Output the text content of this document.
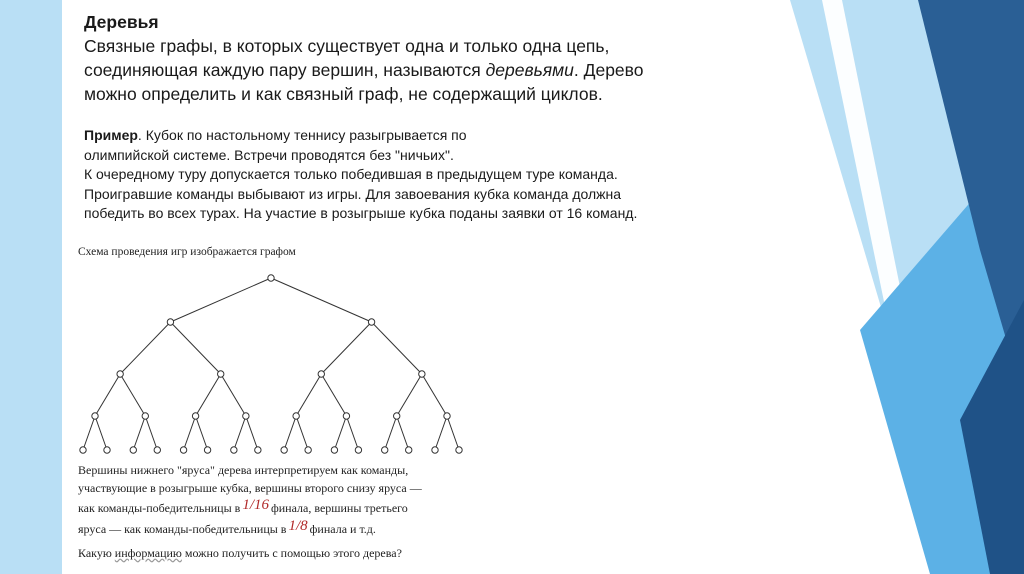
Деревья
Связные графы, в которых существует одна и только одна цепь,
соединяющая каждую пару вершин, называются деревьями. Дерево
можно определить и как связный граф, не содержащий циклов.
Пример. Кубок по настольному теннису разыгрывается по
олимпийской системе. Встречи проводятся без "ничьих".
К очередному туру допускается только победившая в предыдущем туре команда.
Проигравшие команды выбывают из игры. Для завоевания кубка команда должна
победить во всех турах. На участие в розыгрыше кубка поданы заявки от 16 команд.
Схема проведения игр изображается графом
Вершины нижнего "яруса" дерева интерпретируем как команды,
участвующие в розыгрыше кубка, вершины второго снизу яруса —
как команды-победительницы в 1/16 финала, вершины третьего
яруса — как команды-победительницы в 1/8 финала и т.д.
Какую информацию можно получить с помощью этого дерева?
